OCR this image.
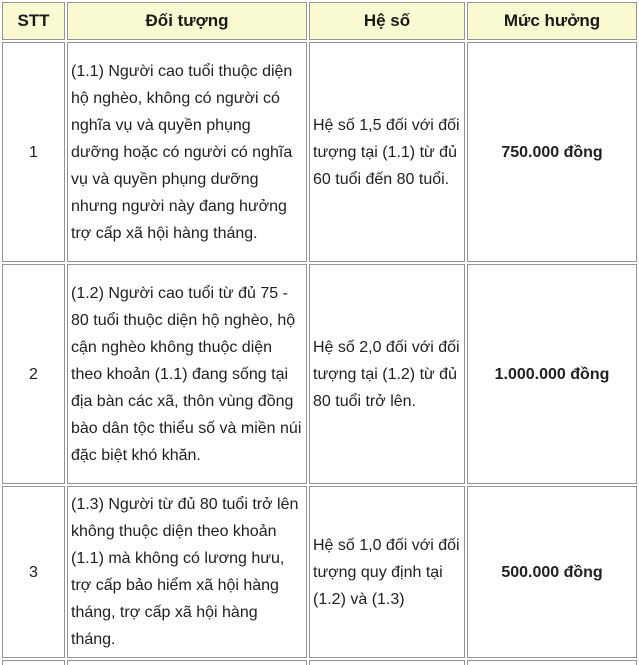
STT	Đối tượng	Hệ số	Mức hưởng
1	(1.1) Người cao tuổi thuộc diện hộ nghèo, không có người có nghĩa vụ và quyền phụng dưỡng hoặc có người có nghĩa vụ và quyền phụng dưỡng nhưng người này đang hưởng trợ cấp xã hội hàng tháng.	Hệ số 1,5 đối với đối tượng tại (1.1) từ đủ 60 tuổi đến 80 tuổi.	750.000 đồng
2	(1.2) Người cao tuổi từ đủ 75 - 80 tuổi thuộc diện hộ nghèo, hộ cận nghèo không thuộc diện theo khoản (1.1) đang sống tại địa bàn các xã, thôn vùng đồng bào dân tộc thiểu số và miền núi đặc biệt khó khăn.	Hệ số 2,0 đối với đối tượng tại (1.2) từ đủ 80 tuổi trở lên.	1.000.000 đồng
3	(1.3) Người từ đủ 80 tuổi trở lên không thuộc diện theo khoản (1.1) mà không có lương hưu, trợ cấp bảo hiểm xã hội hàng tháng, trợ cấp xã hội hàng tháng.	Hệ số 1,0 đối với đối tượng quy định tại (1.2) và (1.3)	500.000 đồng
